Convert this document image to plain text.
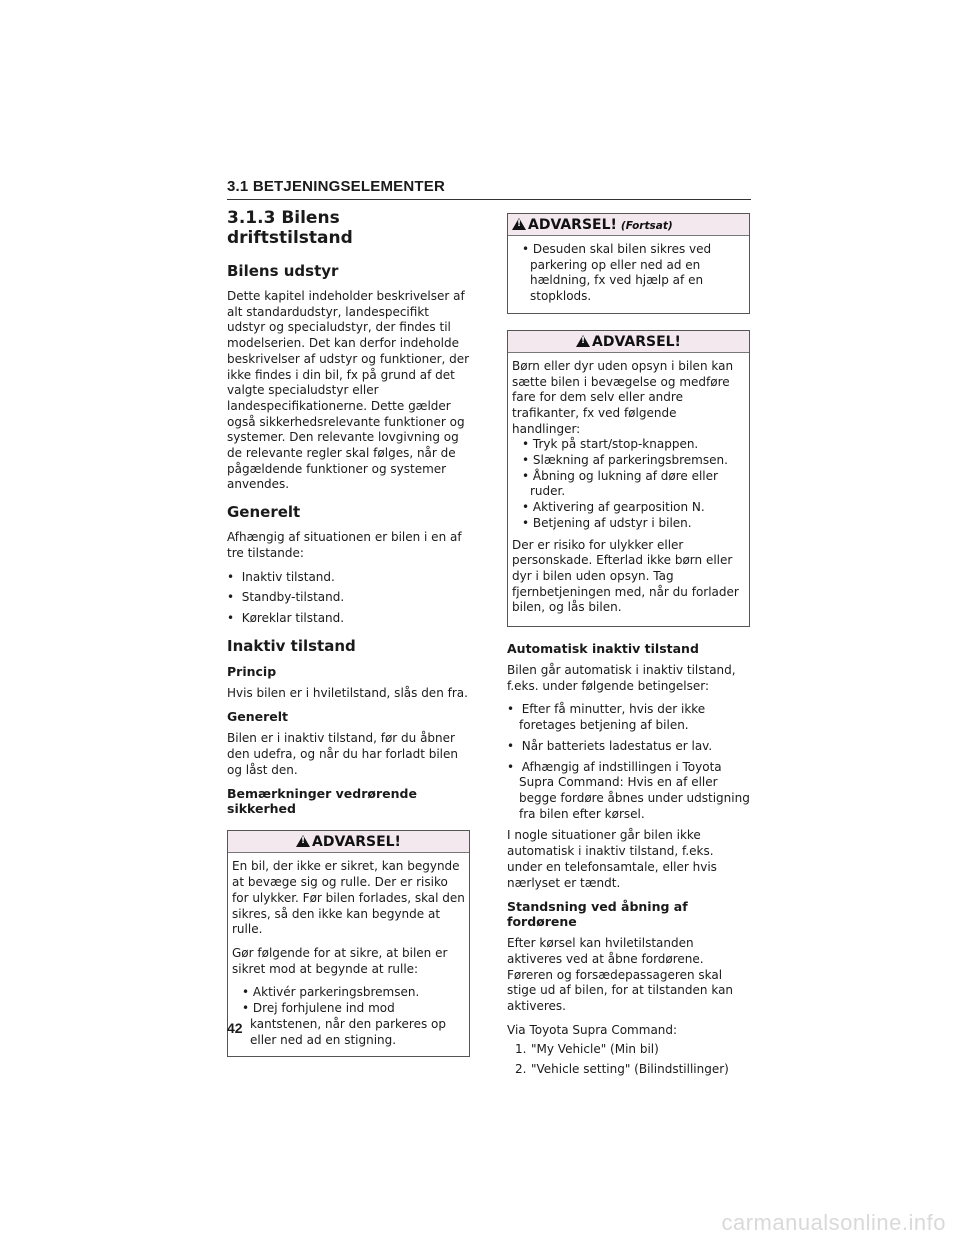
3.1 BETJENINGSELEMENTER
3.1.3 Bilens driftstilstand
Bilens udstyr

Dette kapitel indeholder beskrivelser af alt standardudstyr, landespecifikt udstyr og specialudstyr, der findes til modelserien. Det kan derfor indeholde beskrivelser af udstyr og funktioner, der ikke findes i din bil, fx på grund af det valgte specialudstyr eller landespecifikationerne. Dette gælder også sikkerhedsrelevante funktioner og systemer. Den relevante lovgivning og de relevante regler skal følges, når de pågældende funktioner og systemer anvendes.

Generelt

Afhængig af situationen er bilen i en af tre tilstande:

•  Inaktiv tilstand.
•  Standby-tilstand.
•  Køreklar tilstand.
Inaktiv tilstand
Princip

Hvis bilen er i hviletilstand, slås den fra.

Generelt

Bilen er i inaktiv tilstand, før du åbner den udefra, og når du har forladt bilen og låst den.

Bemærkninger vedrørende sikkerhed
!ADVARSEL!

En bil, der ikke er sikret, kan begynde at bevæge sig og rulle. Der er risiko for ulykker. Før bilen forlades, skal den sikres, så den ikke kan begynde at rulle.

Gør følgende for at sikre, at bilen er sikret mod at begynde at rulle:

• Aktivér parkeringsbremsen.
• Drej forhjulene ind mod kantstenen, når den parkeres op eller ned ad en stigning.
!ADVARSEL! (Fortsat)
• Desuden skal bilen sikres ved parkering op eller ned ad en hældning, fx ved hjælp af en stopklods.
!ADVARSEL!

Børn eller dyr uden opsyn i bilen kan sætte bilen i bevægelse og medføre fare for dem selv eller andre trafikanter, fx ved følgende handlinger:

• Tryk på start/stop-knappen.
• Slækning af parkeringsbremsen.
• Åbning og lukning af døre eller ruder.
• Aktivering af gearposition N.
• Betjening af udstyr i bilen.

Der er risiko for ulykker eller personskade. Efterlad ikke børn eller dyr i bilen uden opsyn. Tag fjernbetjeningen med, når du forlader bilen, og lås bilen.

Automatisk inaktiv tilstand

Bilen går automatisk i inaktiv tilstand, f.eks. under følgende betingelser:

•  Efter få minutter, hvis der ikke foretages betjening af bilen.
•  Når batteriets ladestatus er lav.
•  Afhængig af indstillingen i Toyota Supra Command: Hvis en af eller begge fordøre åbnes under udstigning fra bilen efter kørsel.

I nogle situationer går bilen ikke automatisk i inaktiv tilstand, f.eks. under en telefonsamtale, eller hvis nærlyset er tændt.

Standsning ved åbning af fordørene

Efter kørsel kan hviletilstanden aktiveres ved at åbne fordørene. Føreren og forsædepassageren skal stige ud af bilen, for at tilstanden kan aktiveres.

Via Toyota Supra Command:

1. "My Vehicle" (Min bil)
2. "Vehicle setting" (Bilindstillinger)
42
carmanualsonline.info
